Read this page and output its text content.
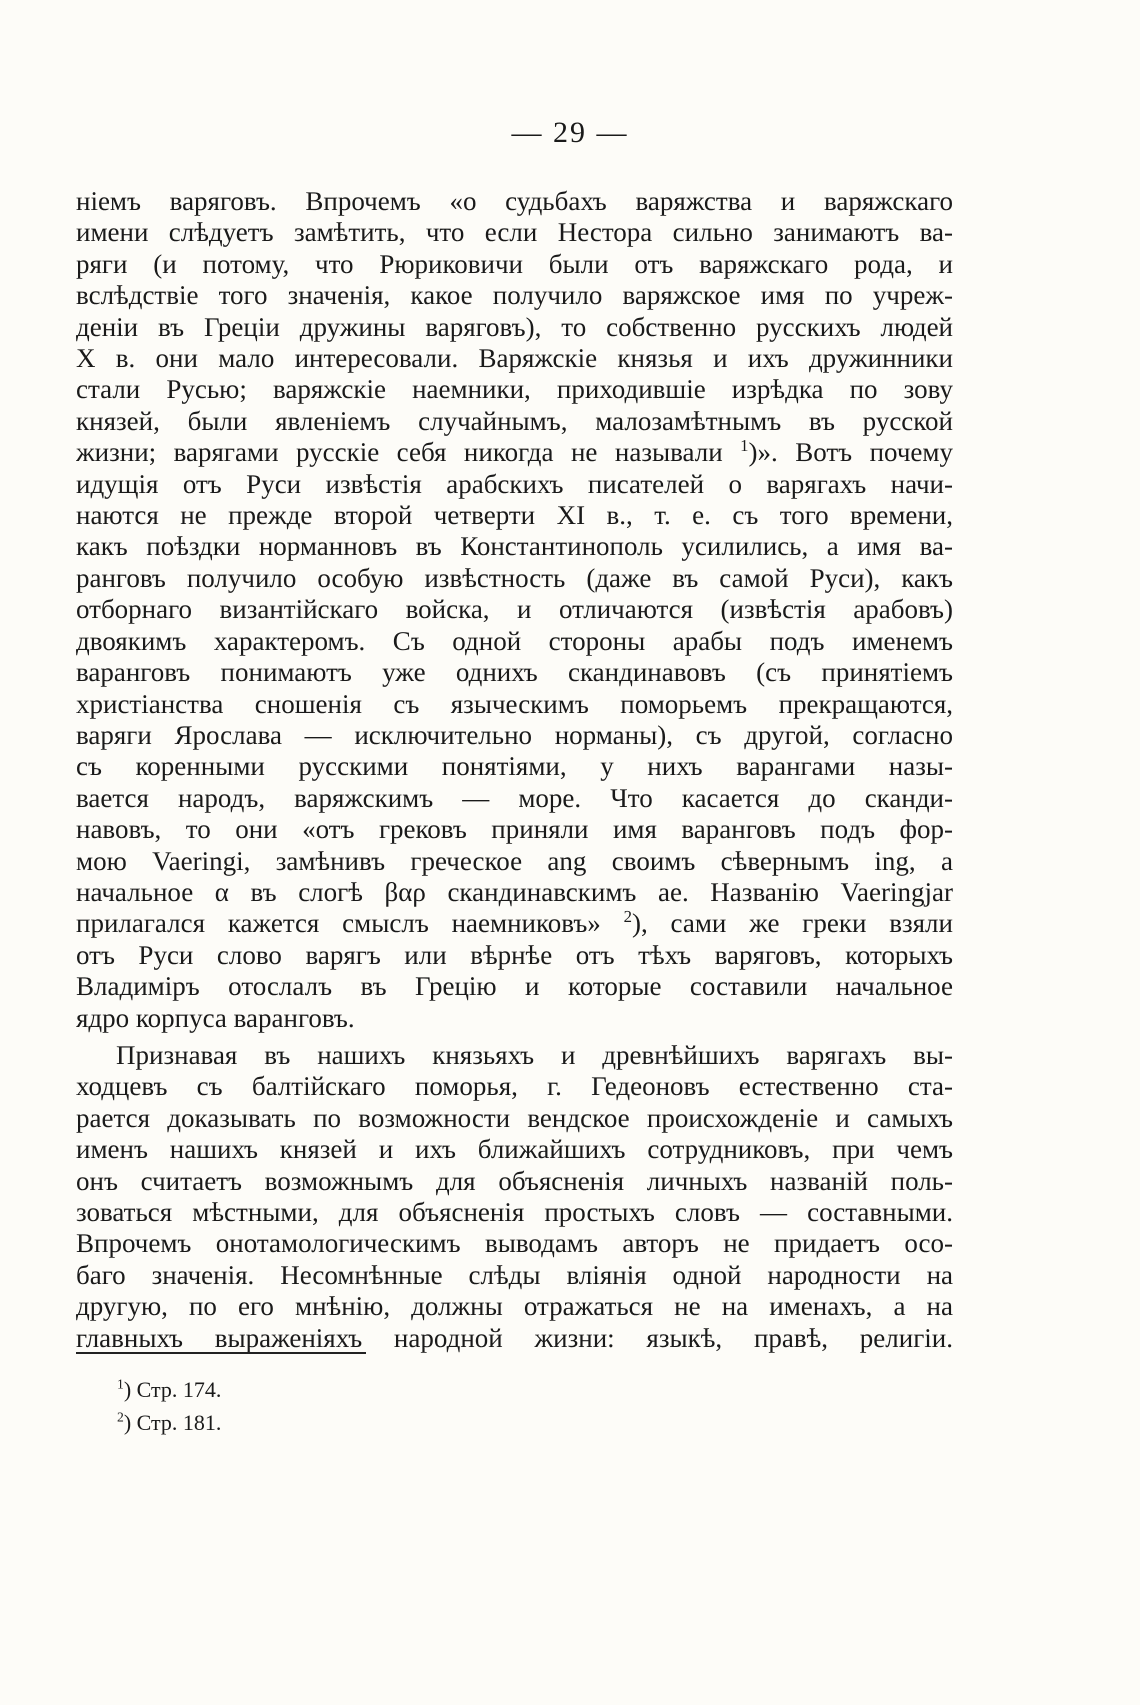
— 29 —
ніемъ варяговъ. Впрочемъ «о судьбахъ варяжства и варяжскаго
имени слѣдуетъ замѣтить, что если Нестора сильно занимаютъ ва-
ряги (и потому, что Рюриковичи были отъ варяжскаго рода, и
вслѣдствіе того значенія, какое получило варяжское имя по учреж-
деніи въ Греціи дружины варяговъ), то собственно русскихъ людей
X в. они мало интересовали. Варяжскіе князья и ихъ дружинники
стали Русью; варяжскіе наемники, приходившіе изрѣдка по зову
князей, были явленіемъ случайнымъ, малозамѣтнымъ въ русской
жизни; варягами русскіе себя никогда не называли $^1$)». Вотъ почему
идущія отъ Руси извѣстія арабскихъ писателей о варягахъ начи-
наются не прежде второй четверти XI в., т. е. съ того времени,
какъ поѣздки норманновъ въ Константинополь усилились, а имя ва-
ранговъ получило особую извѣстность (даже въ самой Руси), какъ
отборнаго византійскаго войска, и отличаются (извѣстія арабовъ)
двоякимъ характеромъ. Съ одной стороны арабы подъ именемъ
варанговъ понимаютъ уже однихъ скандинавовъ (съ принятіемъ
христіанства сношенія съ языческимъ поморьемъ прекращаются,
варяги Ярослава — исключительно норманы), съ другой, согласно
съ коренными русскими понятіями, у нихъ варангами назы-
вается народъ, варяжскимъ — море. Что касается до сканди-
навовъ, то они «отъ грековъ приняли имя варанговъ подъ фор-
мою Vaeringi, замѣнивъ греческое ang своимъ сѣвернымъ ing, а
начальное α въ слогѣ βαρ скандинавскимъ ae. Названію Vaeringjar
прилагался кажется смыслъ наемниковъ» $^2$), сами же греки взяли
отъ Руси слово варягъ или вѣрнѣе отъ тѣхъ варяговъ, которыхъ
Владиміръ отослалъ въ Грецію и которые составили начальное
ядро корпуса варанговъ.
Признавая въ нашихъ князьяхъ и древнѣйшихъ варягахъ вы-
ходцевъ съ балтійскаго поморья, г. Гедеоновъ естественно ста-
рается доказывать по возможности вендское происхожденіе и самыхъ
именъ нашихъ князей и ихъ ближайшихъ сотрудниковъ, при чемъ
онъ считаетъ возможнымъ для объясненія личныхъ названій поль-
зоваться мѣстными, для объясненія простыхъ словъ — составными.
Впрочемъ онотамологическимъ выводамъ авторъ не придаетъ осо-
баго значенія. Несомнѣнные слѣды вліянія одной народности на
другую, по его мнѣнію, должны отражаться не на именахъ, а на
главныхъ выраженіяхъ народной жизни: языкѣ, правѣ, религіи.
$^1$) Стр. 174.
$^2$) Стр. 181.
